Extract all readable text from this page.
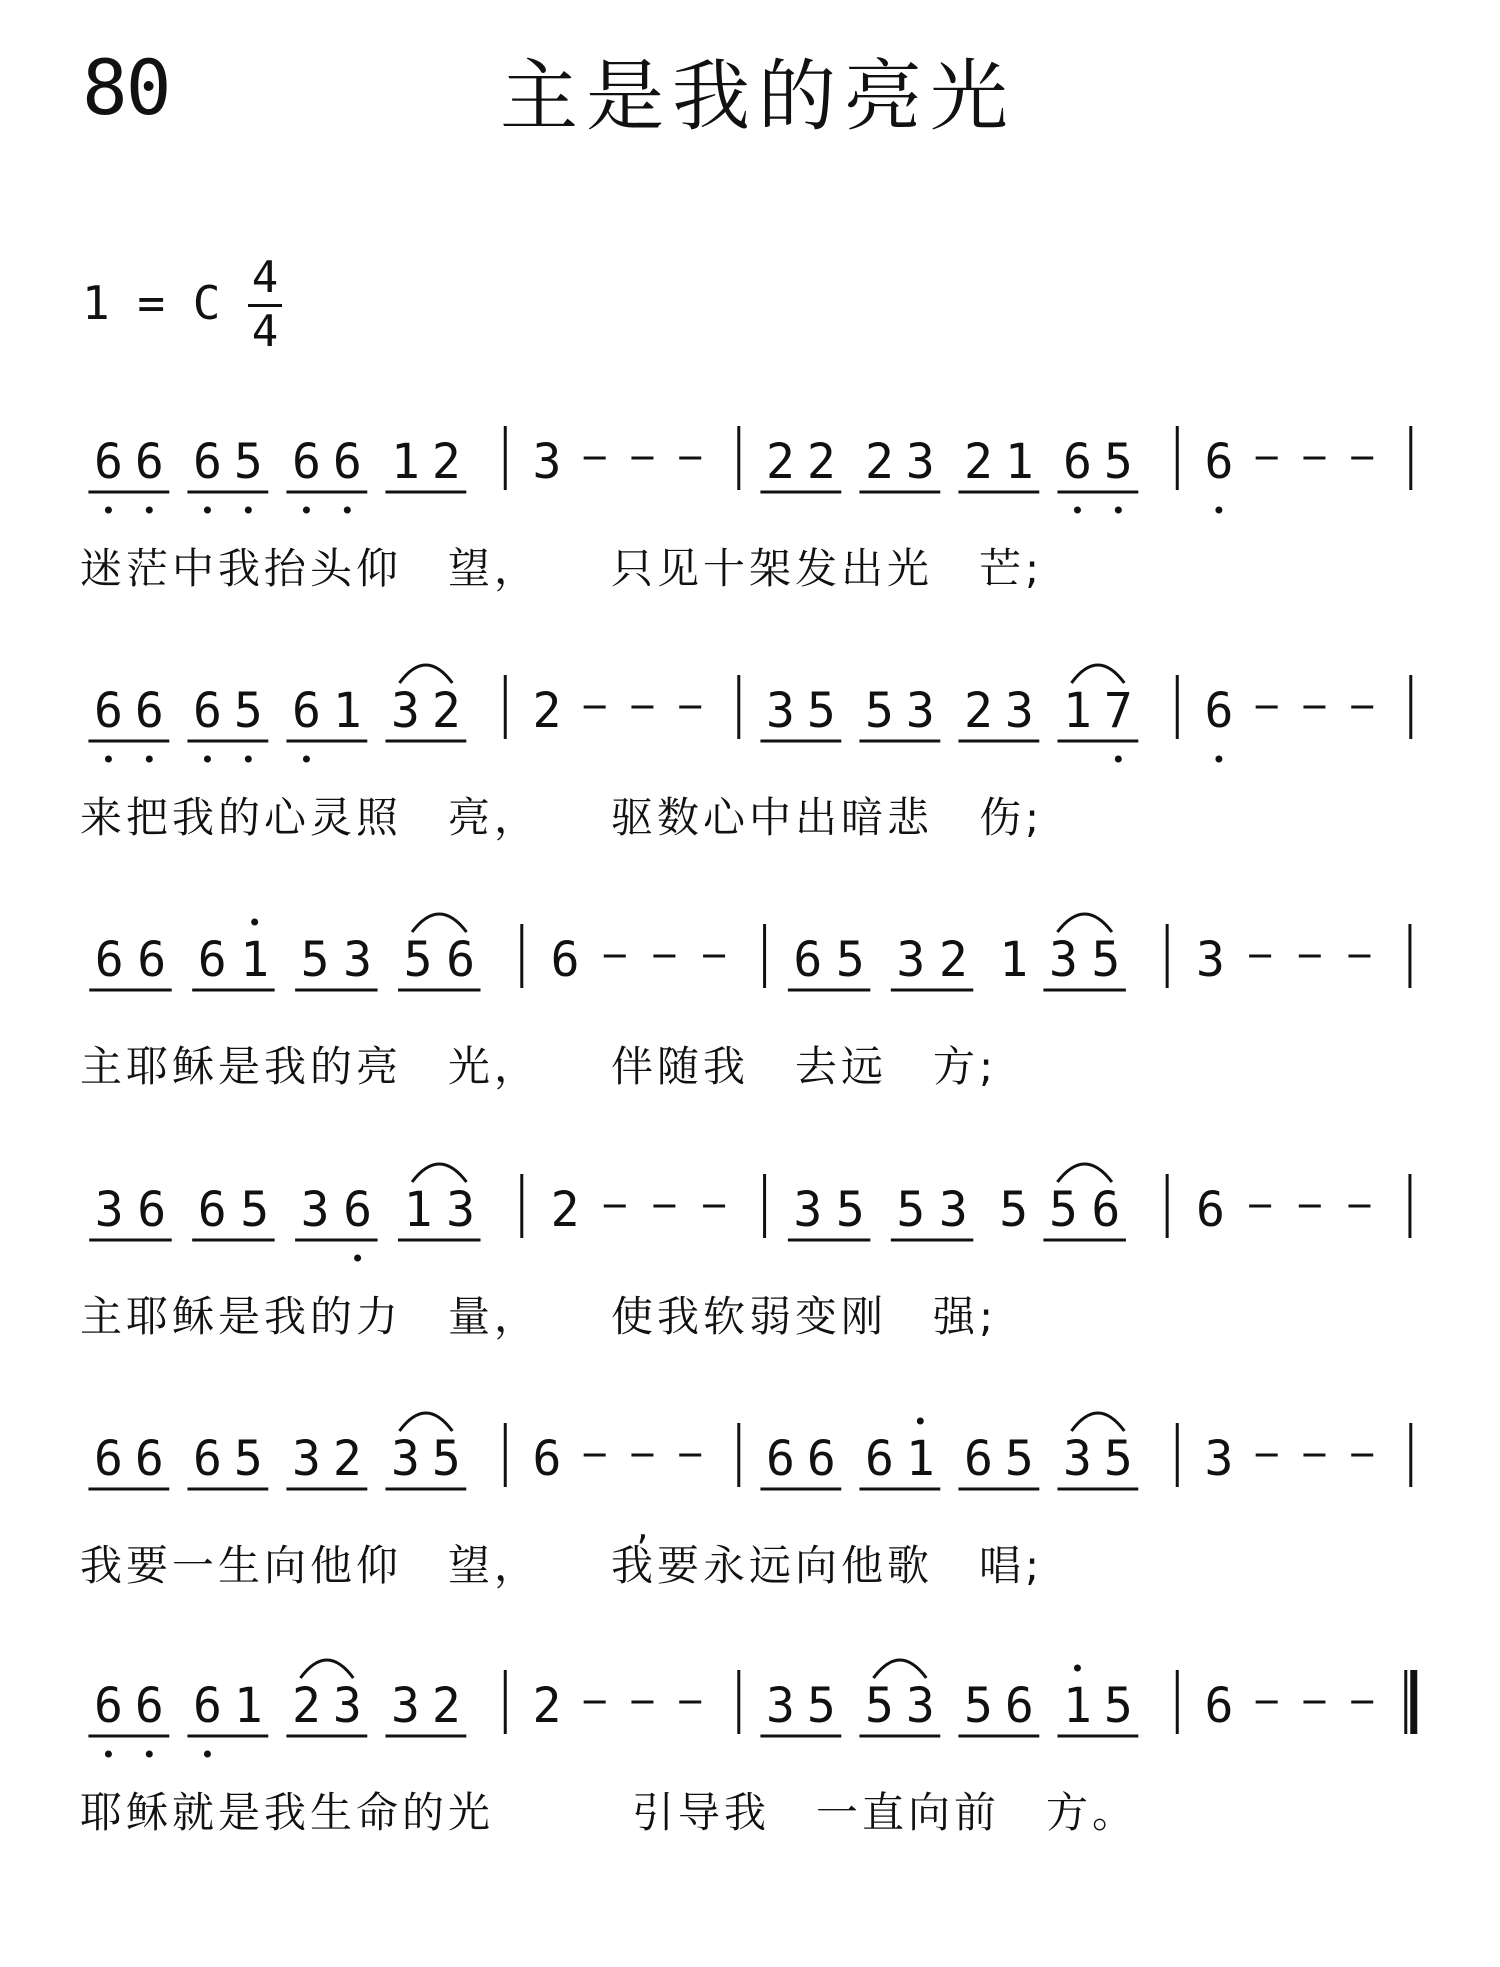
80	主是我的亮光
1 = C 4
4
6 6 6 5 6 6 1 2 3	2 2 2 3 2 1 6 5 6
迷茫中我抬头仰　望，　　只见十架发出光　芒;
6 6 6 5 6 1 3 2 2	3 5 5 3 2 3 1 7 6
来把我的心灵照　亮，　　驱数心中出暗悲　伤;
6 6 6 1 5 3 5 6 6	6 5 3 2 1 3 5 3
主耶稣是我的亮　光，　　伴随我　去远　方;
3 6 6 5 3 6 1 3 2	3 5 5 3 5 5 6 6
主耶稣是我的力　量，　　使我软弱变刚　强;
6 6 6 5 3 2 3 5 6	6 6 6 1 6 5 3 5 3
,
我要一生向他仰　望，　　我要永远向他歌　唱;
6 6 6 1 2 3 3 2 2	3 5 5 3 5 6 1 5 6
耶稣就是我生命的光　　　引导我　一直向前　方。
